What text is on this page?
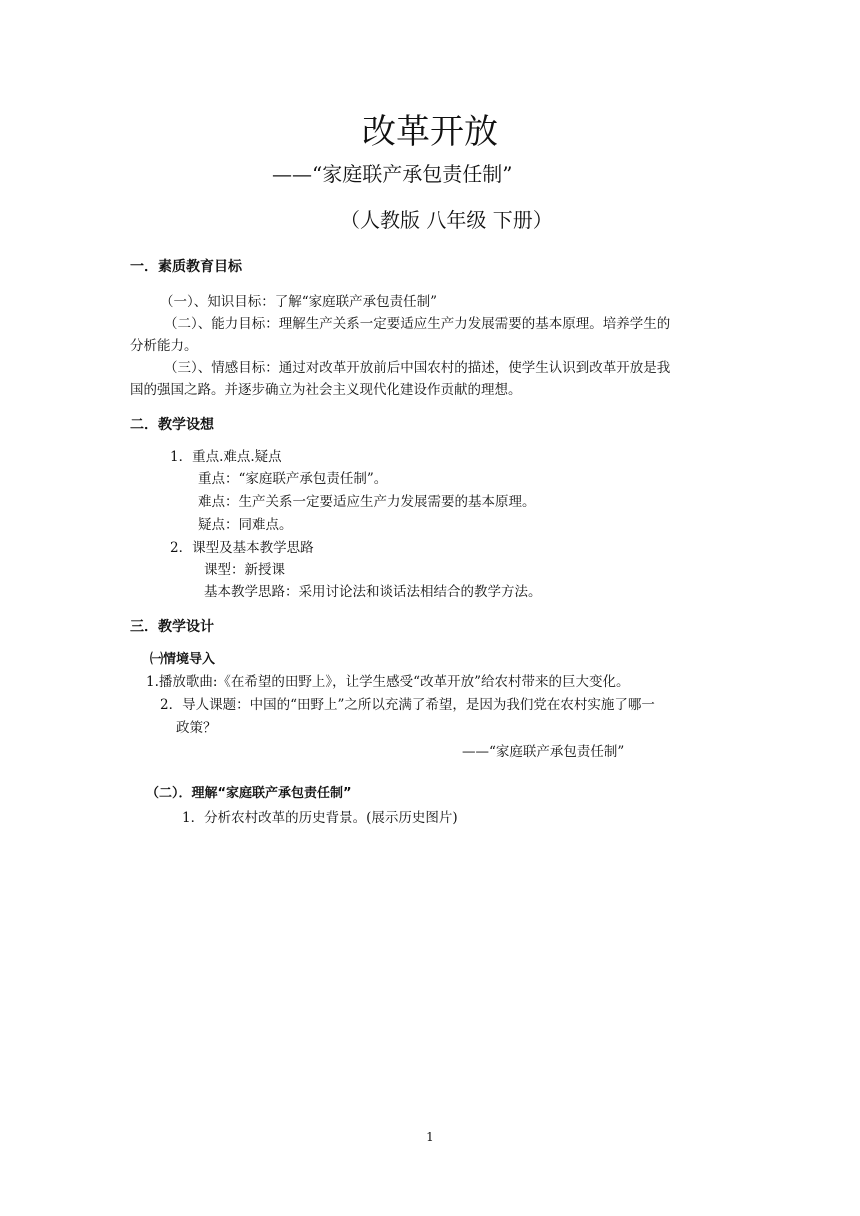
改革开放
——“家庭联产承包责任制”
（人教版 八年级 下册）
一．素质教育目标
（一）、知识目标：了解“家庭联产承包责任制”
（二）、能力目标：理解生产关系一定要适应生产力发展需要的基本原理。培养学生的
分析能力。
（三）、情感目标：通过对改革开放前后中国农村的描述，使学生认识到改革开放是我
国的强国之路。并逐步确立为社会主义现代化建设作贡献的理想。
二．教学设想
1．重点.难点.疑点
重点：“家庭联产承包责任制”。
难点：生产关系一定要适应生产力发展需要的基本原理。
疑点：同难点。
2．课型及基本教学思路
课型：新授课
基本教学思路：采用讨论法和谈话法相结合的教学方法。
三．教学设计
㈠情境导入
1.播放歌曲:《在希望的田野上》，让学生感受“改革开放”给农村带来的巨大变化。
2．导人课题：中国的“田野上”之所以充满了希望，是因为我们党在农村实施了哪一
政策？
——“家庭联产承包责任制”
（二）．理解“家庭联产承包责任制”
1．分析农村改革的历史背景。(展示历史图片)
1
